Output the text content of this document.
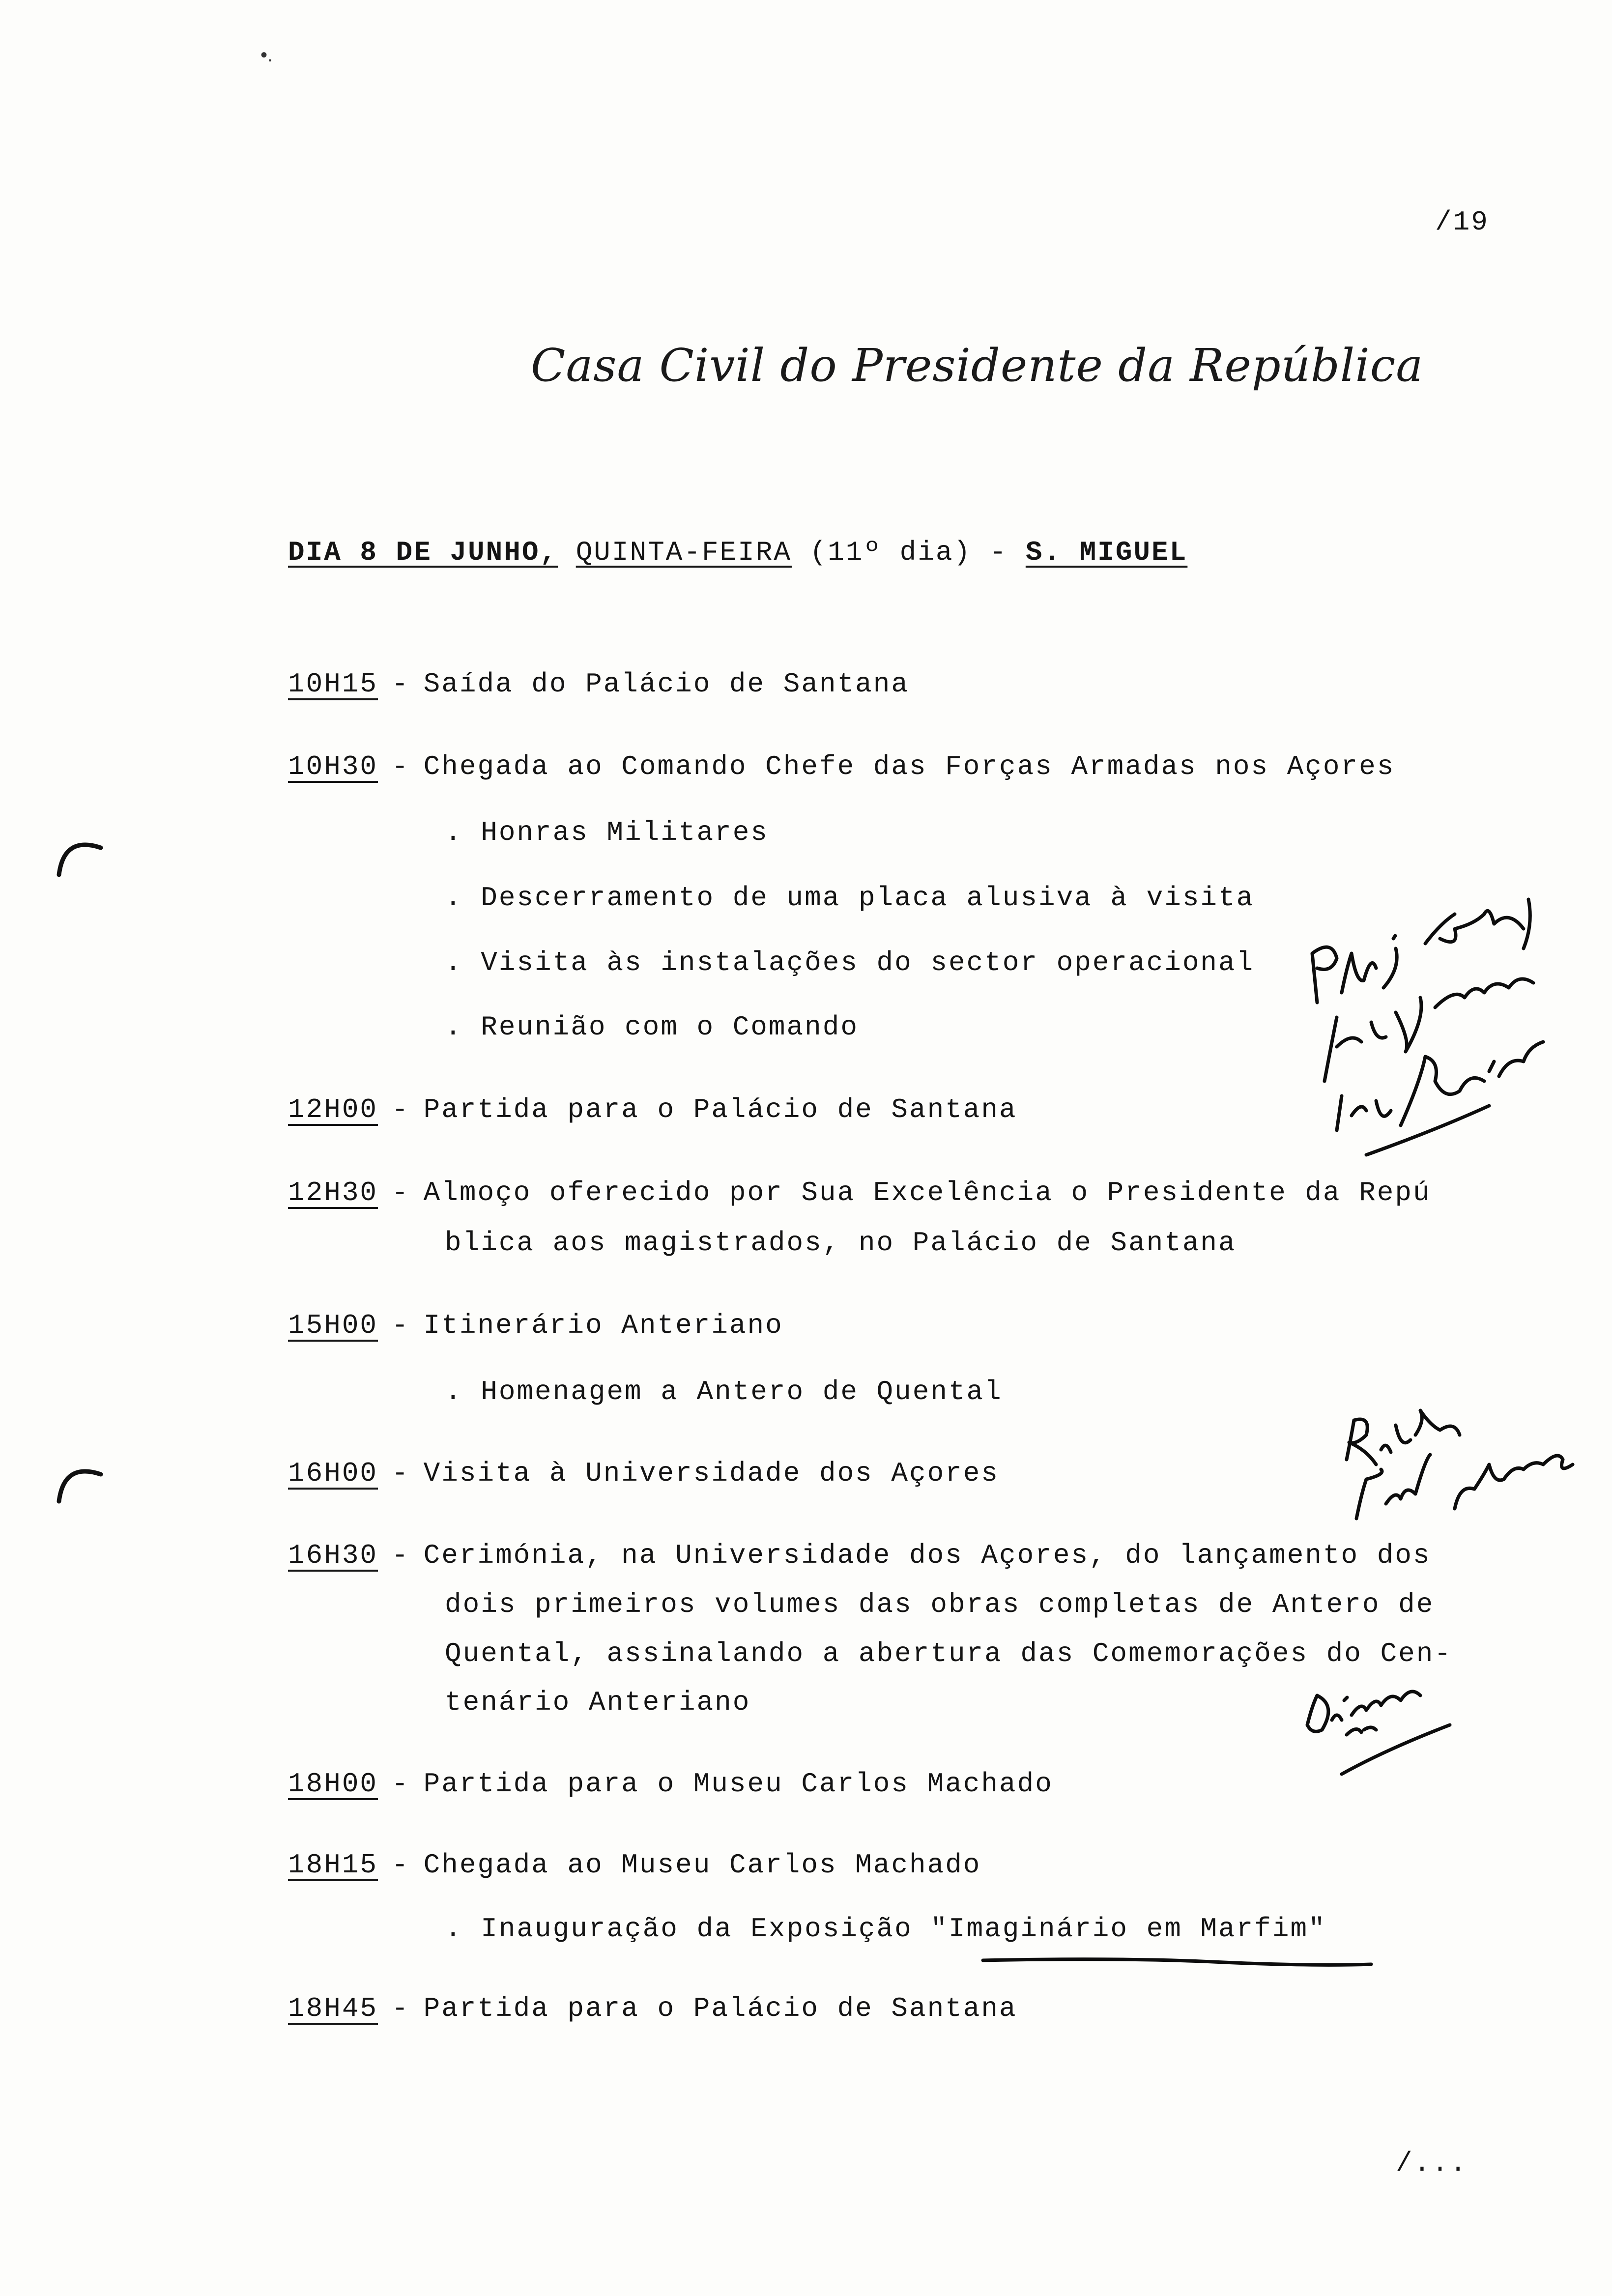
•.
/19
Casa Civil do Presidente da República
DIA 8 DE JUNHO, QUINTA-FEIRA (11º dia) - S. MIGUEL
10H15 - Saída do Palácio de Santana
10H30 - Chegada ao Comando Chefe das Forças Armadas nos Açores
. Honras Militares
. Descerramento de uma placa alusiva à visita
. Visita às instalações do sector operacional
. Reunião com o Comando
12H00 - Partida para o Palácio de Santana
12H30 - Almoço oferecido por Sua Excelência o Presidente da Repú
blica aos magistrados, no Palácio de Santana
15H00 - Itinerário Anteriano
. Homenagem a Antero de Quental
16H00 - Visita à Universidade dos Açores
16H30 - Cerimónia, na Universidade dos Açores, do lançamento dos
dois primeiros volumes das obras completas de Antero de
Quental, assinalando a abertura das Comemorações do Cen-
tenário Anteriano
18H00 - Partida para o Museu Carlos Machado
18H15 - Chegada ao Museu Carlos Machado
. Inauguração da Exposição "Imaginário em Marfim"
18H45 - Partida para o Palácio de Santana
/...
